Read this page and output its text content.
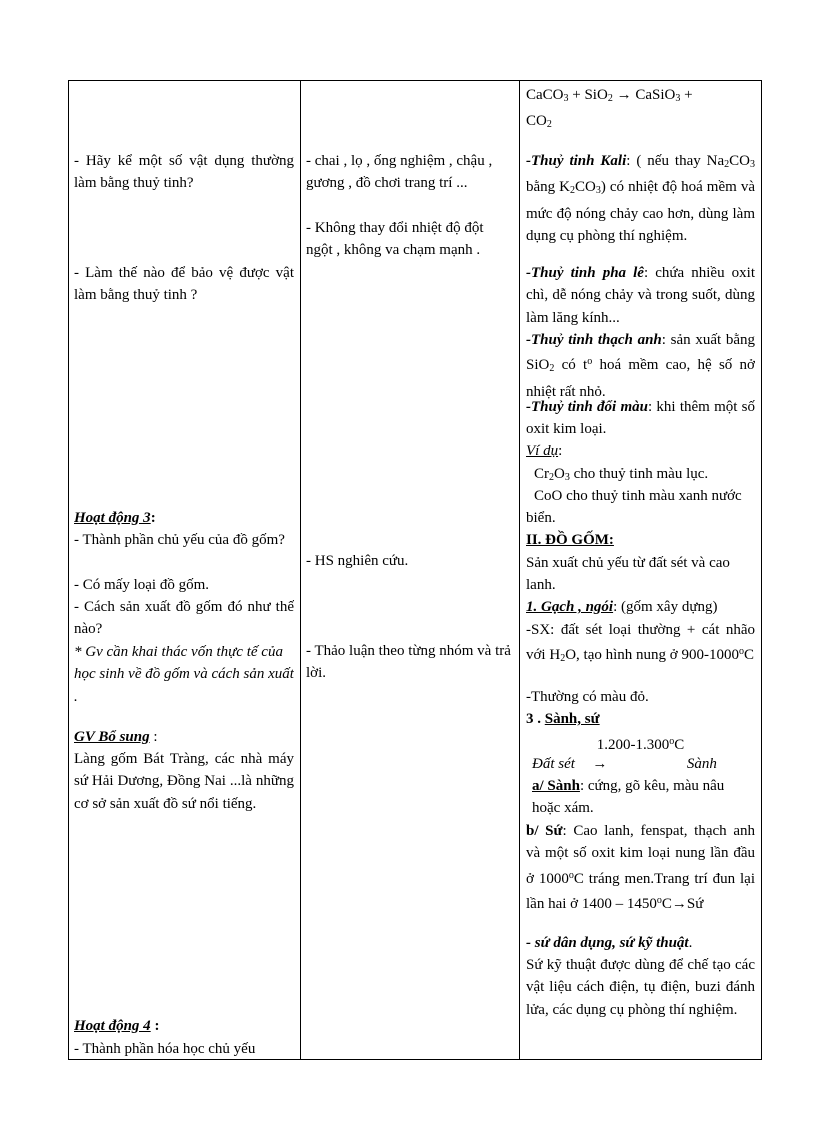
- Hãy kể một số vật dụng thường làm bằng thuỷ tinh?
- Làm thế nào để bảo vệ được vật làm bằng thuỷ tinh ?
Hoạt động 3:
- Thành phần chủ yếu của đồ gốm?
- Có mấy loại đồ gốm.
- Cách sản xuất đồ gốm đó như thế nào?
* Gv cần khai thác vốn thực tế của học sinh về đồ gốm và cách sản xuất .
GV Bổ sung :
Làng gốm Bát Tràng, các nhà máy sứ Hải Dương, Đồng Nai ...là những cơ sở sản xuất đồ sứ nổi tiếng.
Hoạt động 4 :
- Thành phần hóa học chủ yếu
- chai , lọ , ống nghiệm , chậu , gương , đồ chơi trang trí ...
- Không thay đổi nhiệt độ đột ngột , không va chạm mạnh .
- HS nghiên cứu.
- Thảo luận theo từng nhóm và trả lời.
CaCO3 + SiO2 → CaSiO3 +
CO2
-Thuỷ tinh Kali: ( nếu thay Na2CO3 bằng K2CO3) có nhiệt độ hoá mềm và mức độ nóng chảy cao hơn, dùng làm dụng cụ phòng thí nghiệm.
-Thuỷ tinh pha lê: chứa nhiều oxit chì, dễ nóng chảy và trong suốt, dùng làm lăng kính...
-Thuỷ tinh thạch anh: sản xuất bằng SiO2 có $t^o$ hoá mềm cao, hệ số nở nhiệt rất nhỏ.
-Thuỷ tinh đổi màu: khi thêm một số oxit kim loại.
Ví dụ:
Cr2O3 cho thuỷ tinh màu lục.
CoO cho thuỷ tinh màu xanh nước biển.
II. ĐỒ GỐM:
Sản xuất chủ yếu từ đất sét và cao lanh.
1. Gạch , ngói: (gốm xây dựng)
-SX: đất sét loại thường + cát nhão với H2O, tạo hình nung ở 900-1000$^o$C
-Thường có màu đỏ.
3 . Sành, sứ
1.200-1.300$^o$C
Đất sét →	Sành
a/ Sành: cứng, gõ kêu, màu nâu hoặc xám.
b/ Sứ: Cao lanh, fenspat, thạch anh và một số oxit kim loại nung lần đầu ở 1000$^o$C tráng men.Trang trí đun lại lần hai ở $1400 - 1450^oC\to Sứ$
- sứ dân dụng, sứ kỹ thuật.
Sứ kỹ thuật được dùng để chế tạo các vật liệu cách điện, tụ điện, buzi đánh lửa, các dụng cụ phòng thí nghiệm.
